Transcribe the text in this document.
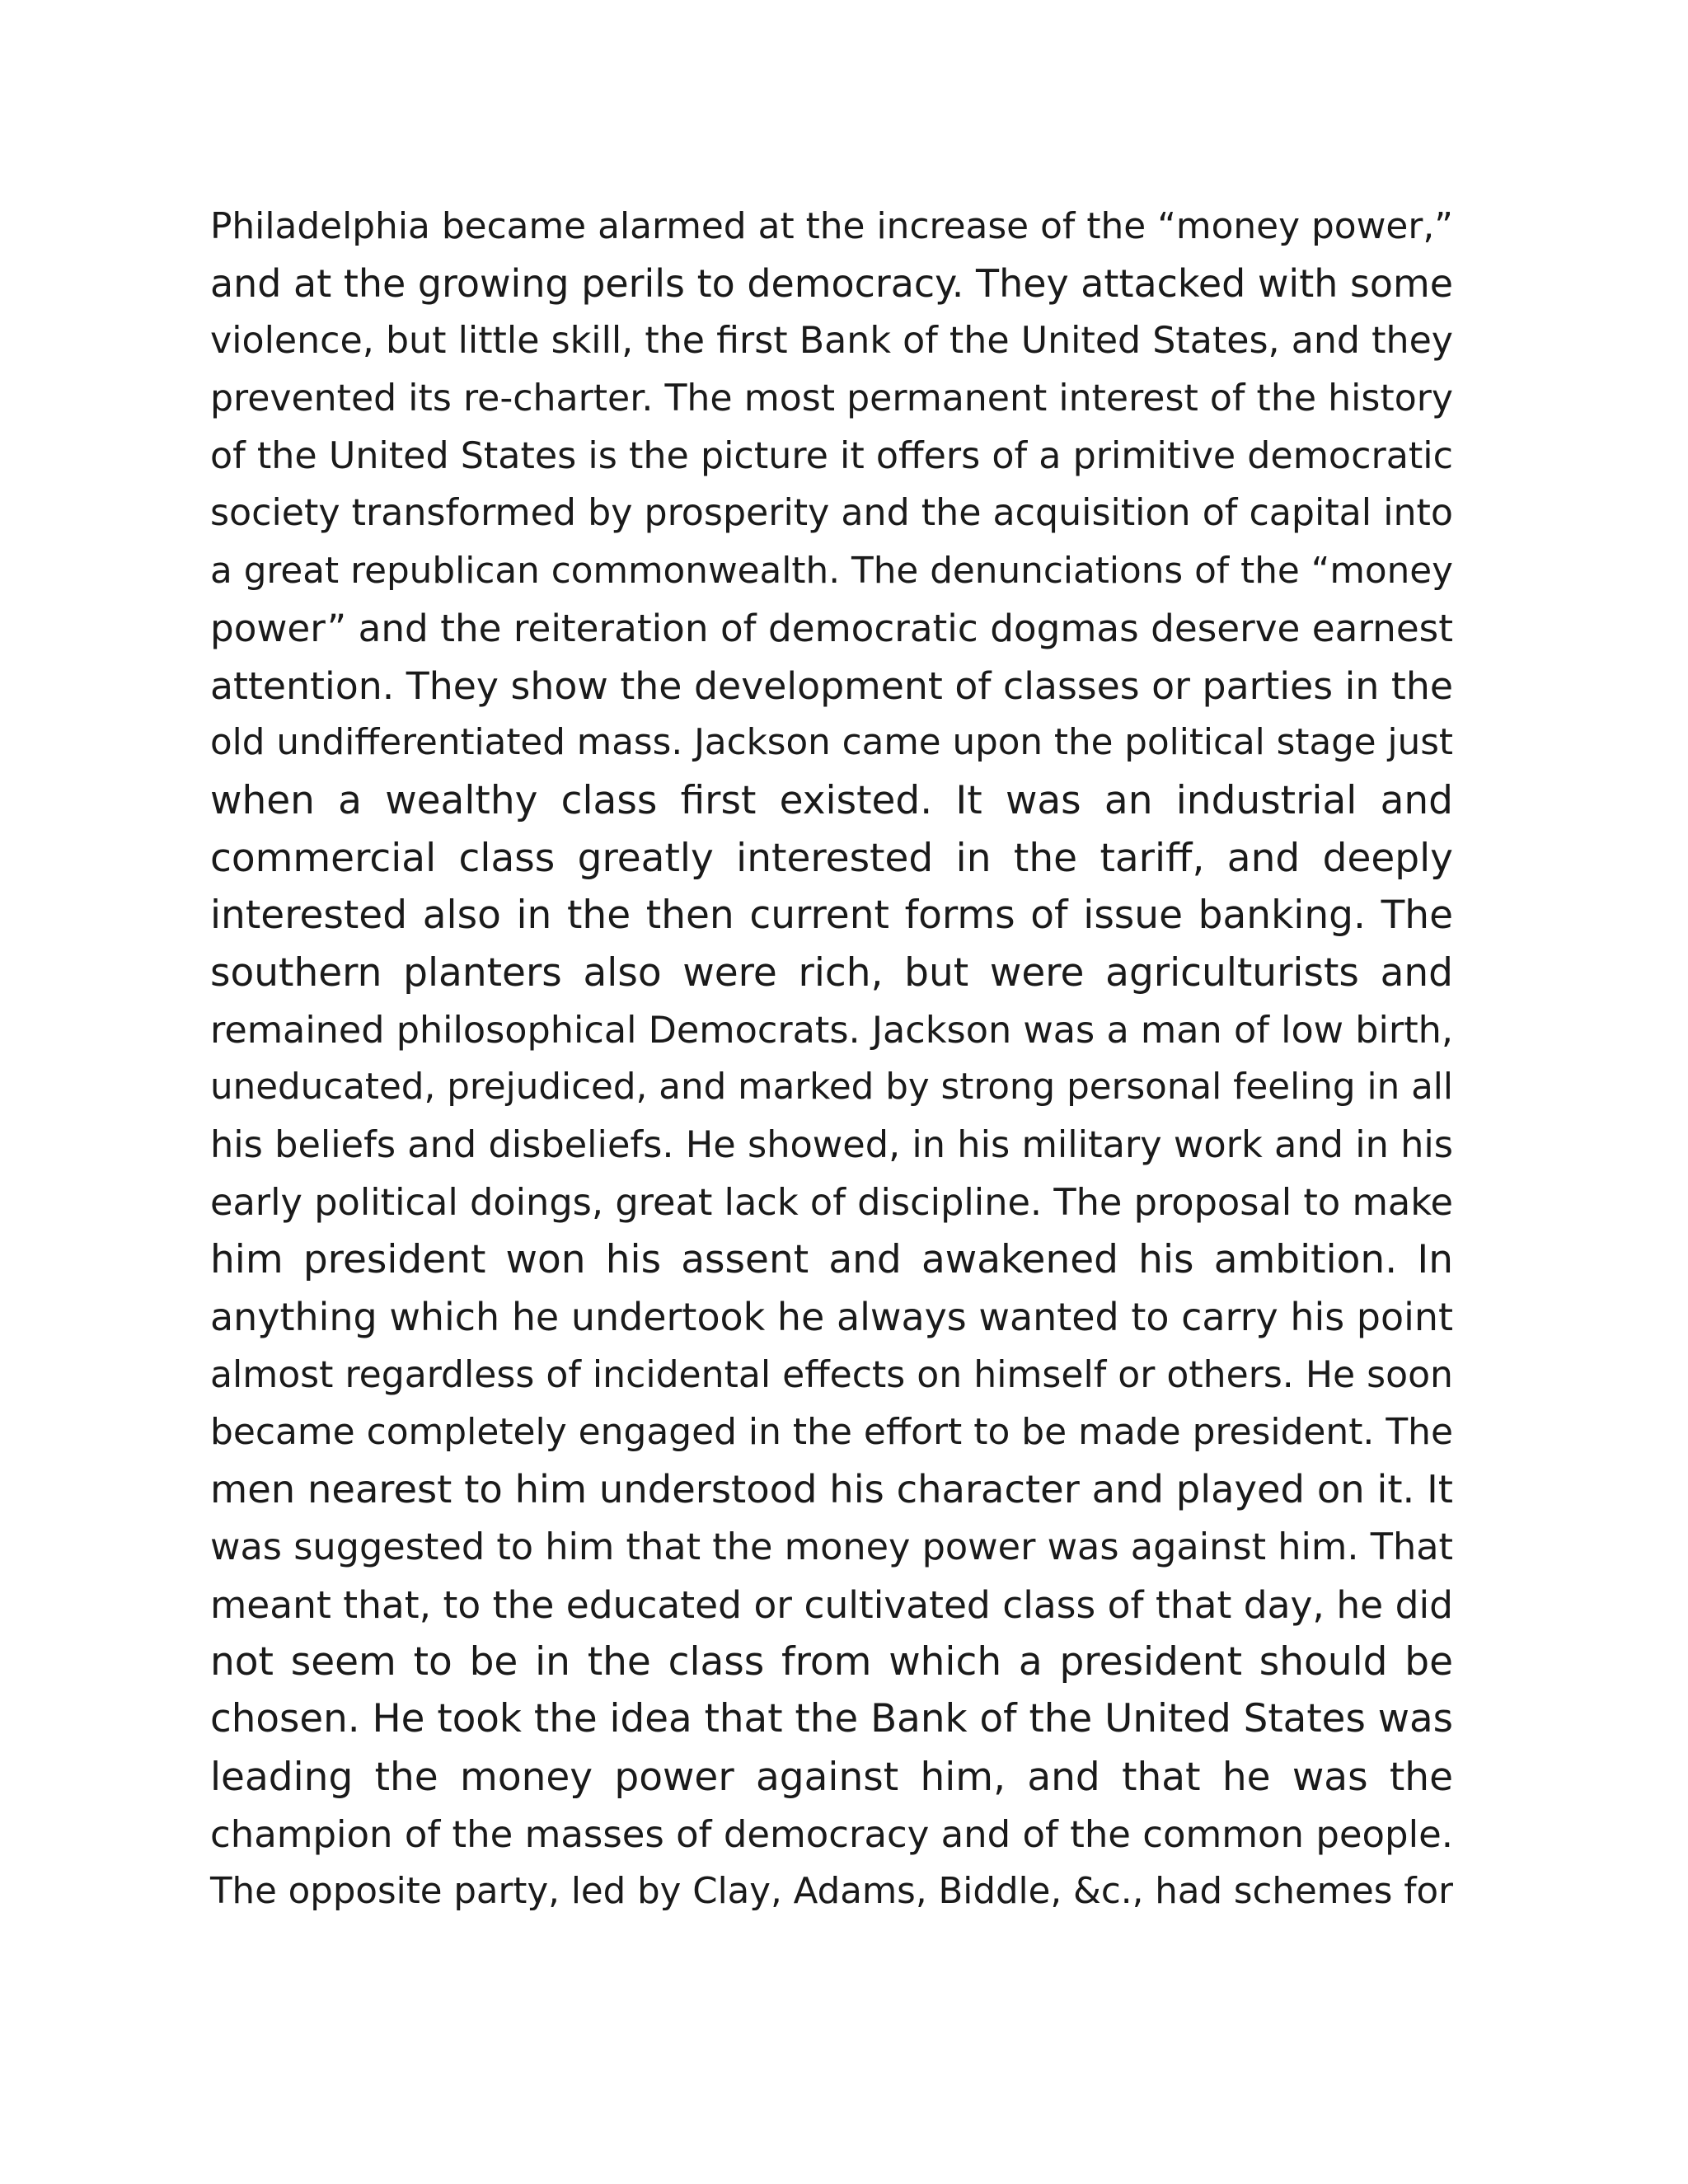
Philadelphia became alarmed at the increase of the “money power,”
and at the growing perils to democracy. They attacked with some
violence, but little skill, the first Bank of the United States, and they
prevented its re-charter. The most permanent interest of the history
of the United States is the picture it offers of a primitive democratic
society transformed by prosperity and the acquisition of capital into
a great republican commonwealth. The denunciations of the “money
power” and the reiteration of democratic dogmas deserve earnest
attention. They show the development of classes or parties in the
old undifferentiated mass. Jackson came upon the political stage just
when a wealthy class first existed. It was an industrial and
commercial class greatly interested in the tariff, and deeply
interested also in the then current forms of issue banking. The
southern planters also were rich, but were agriculturists and
remained philosophical Democrats. Jackson was a man of low birth,
uneducated, prejudiced, and marked by strong personal feeling in all
his beliefs and disbeliefs. He showed, in his military work and in his
early political doings, great lack of discipline. The proposal to make
him president won his assent and awakened his ambition. In
anything which he undertook he always wanted to carry his point
almost regardless of incidental effects on himself or others. He soon
became completely engaged in the effort to be made president. The
men nearest to him understood his character and played on it. It
was suggested to him that the money power was against him. That
meant that, to the educated or cultivated class of that day, he did
not seem to be in the class from which a president should be
chosen. He took the idea that the Bank of the United States was
leading the money power against him, and that he was the
champion of the masses of democracy and of the common people.
The opposite party, led by Clay, Adams, Biddle, &c., had schemes for
